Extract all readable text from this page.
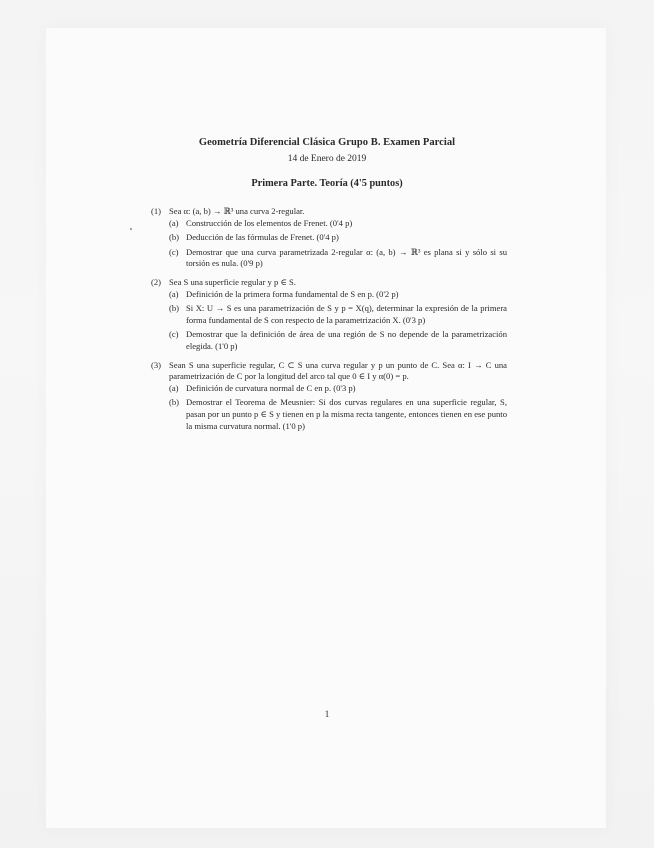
Geometría Diferencial Clásica Grupo B. Examen Parcial
14 de Enero de 2019
Primera Parte. Teoría (4'5 puntos)
(1) Sea α: (a, b) → ℝ³ una curva 2-regular.
(a) Construcción de los elementos de Frenet. (0'4 p)
(b) Deducción de las fórmulas de Frenet. (0'4 p)
(c) Demostrar que una curva parametrizada 2-regular α: (a, b) → ℝ³ es plana si y sólo si su torsión es nula. (0'9 p)
(2) Sea S una superficie regular y p ∈ S.
(a) Definición de la primera forma fundamental de S en p. (0'2 p)
(b) Si X: U → S es una parametrización de S y p = X(q), determinar la expresión de la primera forma fundamental de S con respecto de la parametrización X. (0'3 p)
(c) Demostrar que la definición de área de una región de S no depende de la parametrización elegida. (1'0 p)
(3) Sean S una superficie regular, C ⊂ S una curva regular y p un punto de C. Sea α: I → C una parametrización de C por la longitud del arco tal que 0 ∈ I y α(0) = p.
(a) Definición de curvatura normal de C en p. (0'3 p)
(b) Demostrar el Teorema de Meusnier: Si dos curvas regulares en una superficie regular, S, pasan por un punto p ∈ S y tienen en p la misma recta tangente, entonces tienen en ese punto la misma curvatura normal. (1'0 p)
1
